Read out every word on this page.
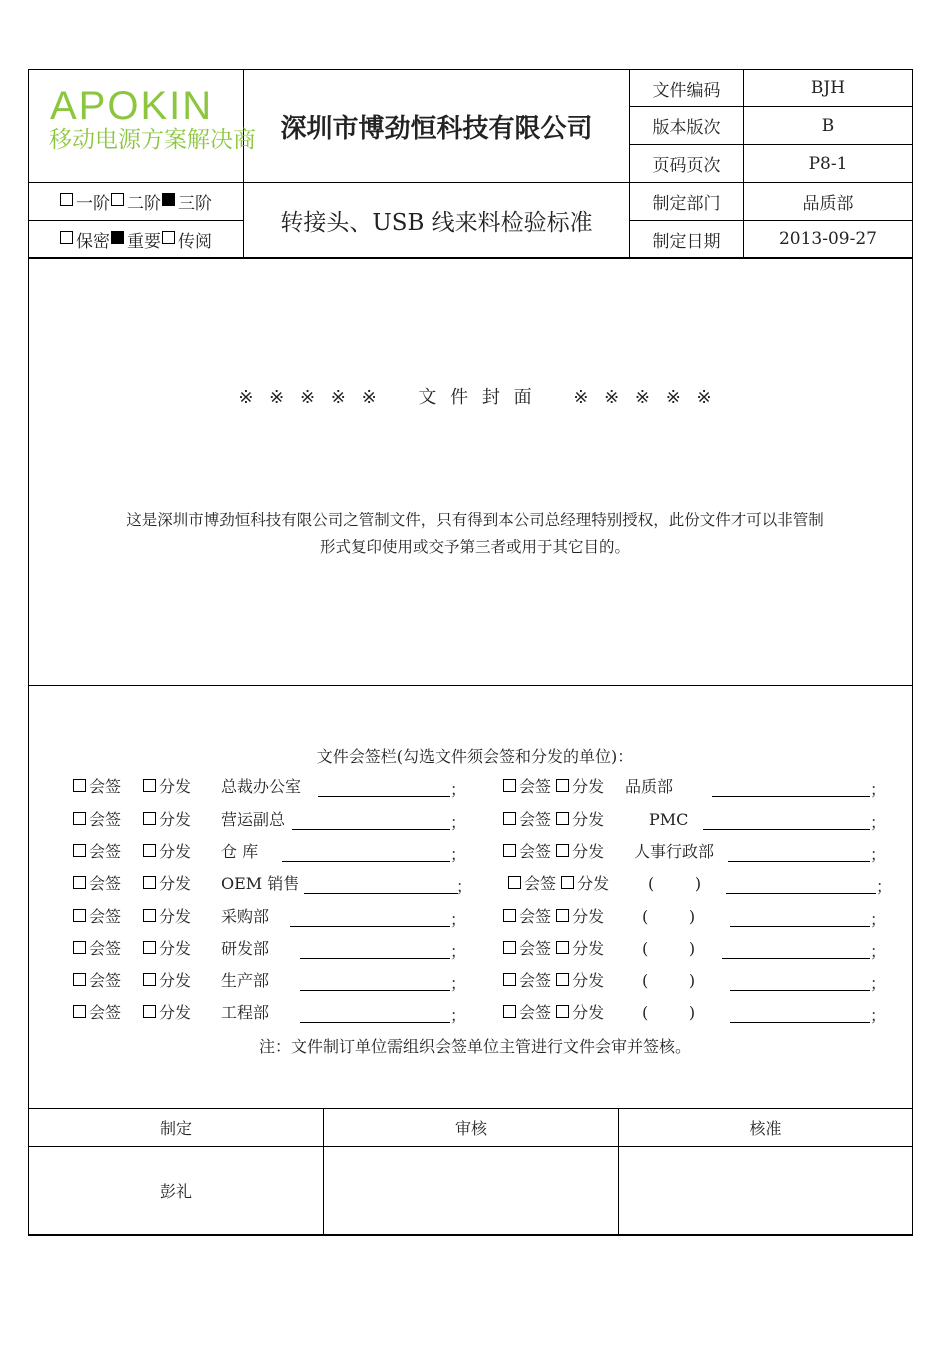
APOKIN
移动电源方案解决商 深圳市博劲恒科技有限公司
转接头、USB 线来料检验标准
一阶 二阶 三阶
保密 重要 传阅
文件编码	BJH
版本版次	B
页码页次	P8-1
制定部门	品质部
制定日期	2013-09-27
※ ※ ※ ※ ※ 文 件 封 面 ※ ※ ※ ※ ※
这是深圳市博劲恒科技有限公司之管制文件，只有得到本公司总经理特别授权，此份文件才可以非管制
形式复印使用或交予第三者或用于其它目的。
文件会签栏(勾选文件须会签和分发的单位)：
会签	分发 总裁办公室	；	会签 分发 品质部	；
会签	分发 营运副总	；	会签 分发	PMC	；
会签	分发 仓 库	；	会签 分发 人事行政部	；
会签	分发 OEM 销售	；	会签 分发 (        )	；
会签	分发 采购部	；	会签 分发 (        )	；
会签	分发 研发部	；	会签 分发 (        )	；
会签	分发 生产部	；	会签 分发 (        )	；
会签	分发 工程部	；	会签 分发 (        )	；
注：文件制订单位需组织会签单位主管进行文件会审并签核。
制定	审核	核准
彭礼
